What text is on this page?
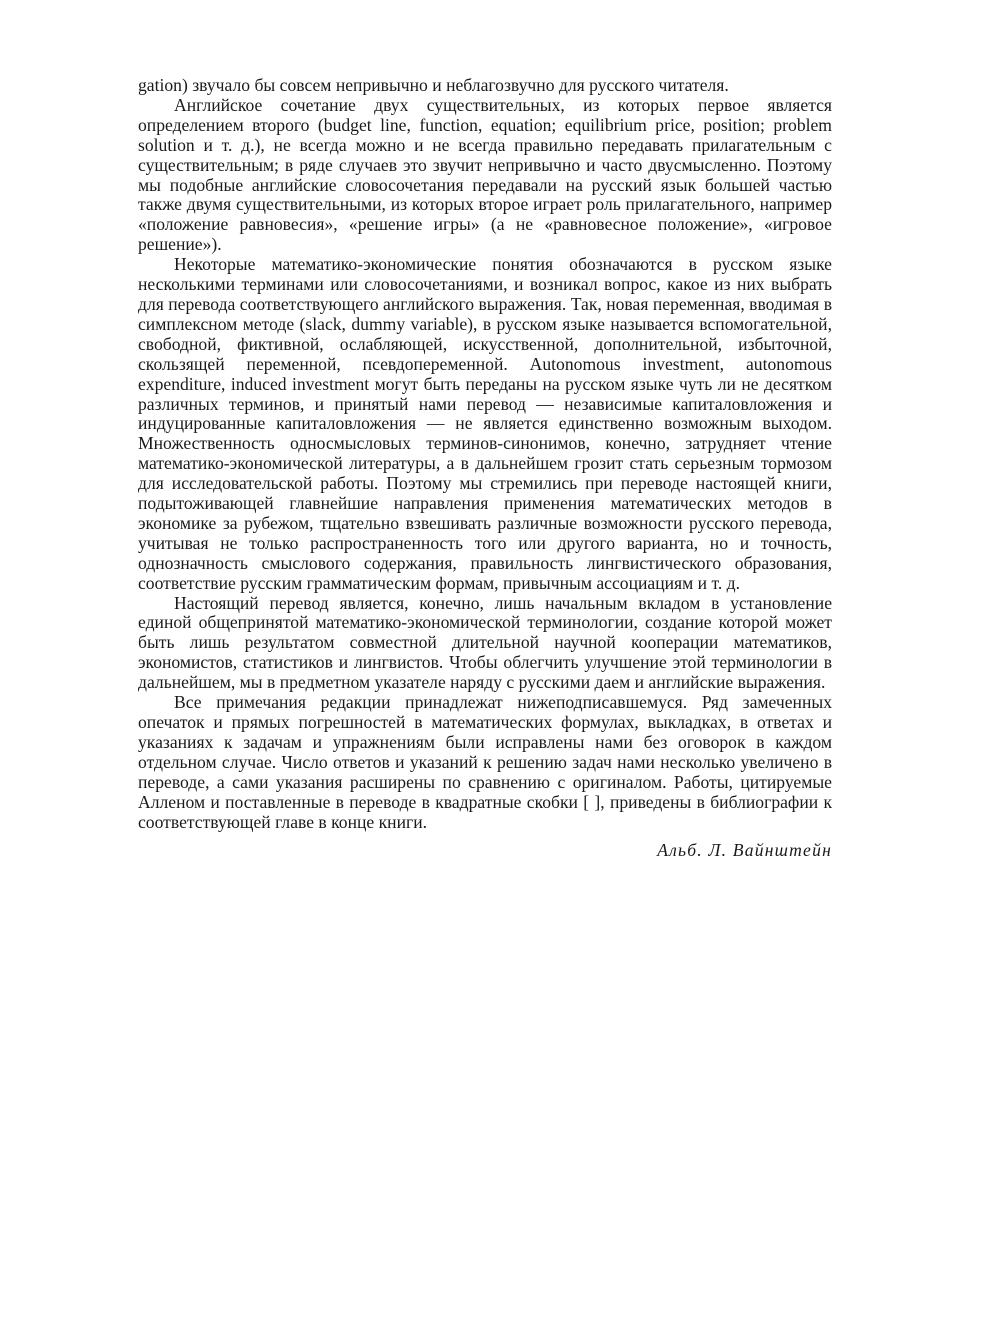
gation) звучало бы совсем непривычно и неблагозвучно для русского читателя.

Английское сочетание двух существительных, из которых первое является определением второго (budget line, function, equation; equilibrium price, position; problem solution и т. д.), не всегда можно и не всегда правильно передавать прилагательным с существительным; в ряде случаев это звучит непривычно и часто двусмысленно. Поэтому мы подобные английские словосочетания передавали на русский язык большей частью также двумя существительными, из которых второе играет роль прилагательного, например «положение равновесия», «решение игры» (а не «равновесное положение», «игровое решение»).

Некоторые математико-экономические понятия обозначаются в русском языке несколькими терминами или словосочетаниями, и возникал вопрос, какое из них выбрать для перевода соответствующего английского выражения. Так, новая переменная, вводимая в симплексном методе (slack, dummy variable), в русском языке называется вспомогательной, свободной, фиктивной, ослабляющей, искусственной, дополнительной, избыточной, скользящей переменной, псевдопеременной. Autonomous investment, autonomous expenditure, induced investment могут быть переданы на русском языке чуть ли не десятком различных терминов, и принятый нами перевод — независимые капиталовложения и индуцированные капиталовложения — не является единственно возможным выходом. Множественность односмысловых терминов-синонимов, конечно, затрудняет чтение математико-экономической литературы, а в дальнейшем грозит стать серьезным тормозом для исследовательской работы. Поэтому мы стремились при переводе настоящей книги, подытоживающей главнейшие направления применения математических методов в экономике за рубежом, тщательно взвешивать различные возможности русского перевода, учитывая не только распространенность того или другого варианта, но и точность, однозначность смыслового содержания, правильность лингвистического образования, соответствие русским грамматическим формам, привычным ассоциациям и т. д.

Настоящий перевод является, конечно, лишь начальным вкладом в установление единой общепринятой математико-экономической терминологии, создание которой может быть лишь результатом совместной длительной научной кооперации математиков, экономистов, статистиков и лингвистов. Чтобы облегчить улучшение этой терминологии в дальнейшем, мы в предметном указателе наряду с русскими даем и английские выражения.

Все примечания редакции принадлежат нижеподписавшемуся. Ряд замеченных опечаток и прямых погрешностей в математических формулах, выкладках, в ответах и указаниях к задачам и упражнениям были исправлены нами без оговорок в каждом отдельном случае. Число ответов и указаний к решению задач нами несколько увеличено в переводе, а сами указания расширены по сравнению с оригиналом. Работы, цитируемые Алленом и поставленные в переводе в квадратные скобки [ ], приведены в библиографии к соответствующей главе в конце книги.

Альб. Л. Вайнштейн
